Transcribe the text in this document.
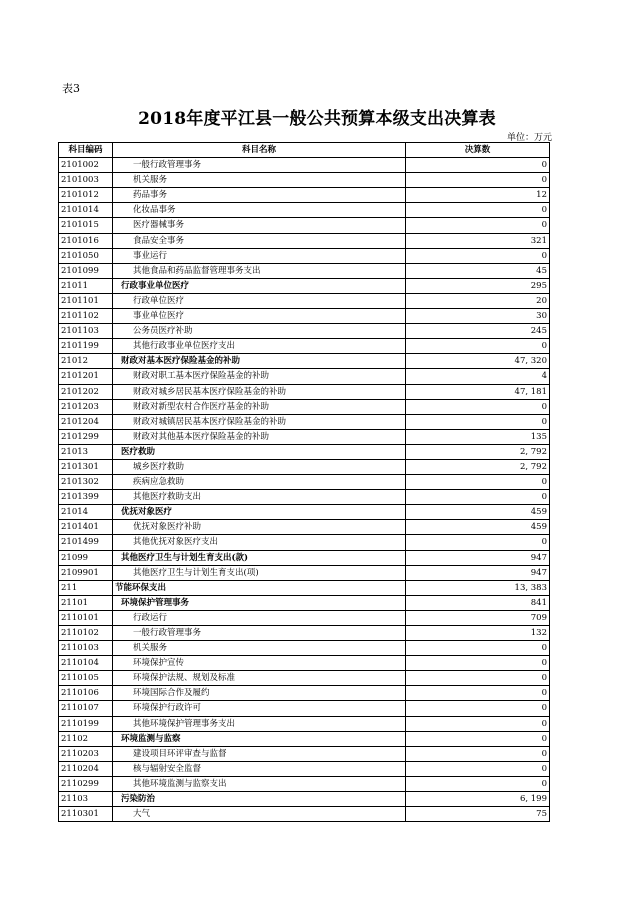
表3
2018年度平江县一般公共预算本级支出决算表
单位：万元
科目编码	科目名称	决算数
2101002	一般行政管理事务	0
2101003	机关服务	0
2101012	药品事务	12
2101014	化妆品事务	0
2101015	医疗器械事务	0
2101016	食品安全事务	321
2101050	事业运行	0
2101099	其他食品和药品监督管理事务支出	45
21011	行政事业单位医疗	295
2101101	行政单位医疗	20
2101102	事业单位医疗	30
2101103	公务员医疗补助	245
2101199	其他行政事业单位医疗支出	0
21012	财政对基本医疗保险基金的补助	47, 320
2101201	财政对职工基本医疗保险基金的补助	4
2101202	财政对城乡居民基本医疗保险基金的补助	47, 181
2101203	财政对新型农村合作医疗基金的补助	0
2101204	财政对城镇居民基本医疗保险基金的补助	0
2101299	财政对其他基本医疗保险基金的补助	135
21013	医疗救助	2, 792
2101301	城乡医疗救助	2, 792
2101302	疾病应急救助	0
2101399	其他医疗救助支出	0
21014	优抚对象医疗	459
2101401	优抚对象医疗补助	459
2101499	其他优抚对象医疗支出	0
21099	其他医疗卫生与计划生育支出(款)	947
2109901	其他医疗卫生与计划生育支出(项)	947
211	节能环保支出	13, 383
21101	环境保护管理事务	841
2110101	行政运行	709
2110102	一般行政管理事务	132
2110103	机关服务	0
2110104	环境保护宣传	0
2110105	环境保护法规、规划及标准	0
2110106	环境国际合作及履约	0
2110107	环境保护行政许可	0
2110199	其他环境保护管理事务支出	0
21102	环境监测与监察	0
2110203	建设项目环评审查与监督	0
2110204	核与辐射安全监督	0
2110299	其他环境监测与监察支出	0
21103	污染防治	6, 199
2110301	大气	75
